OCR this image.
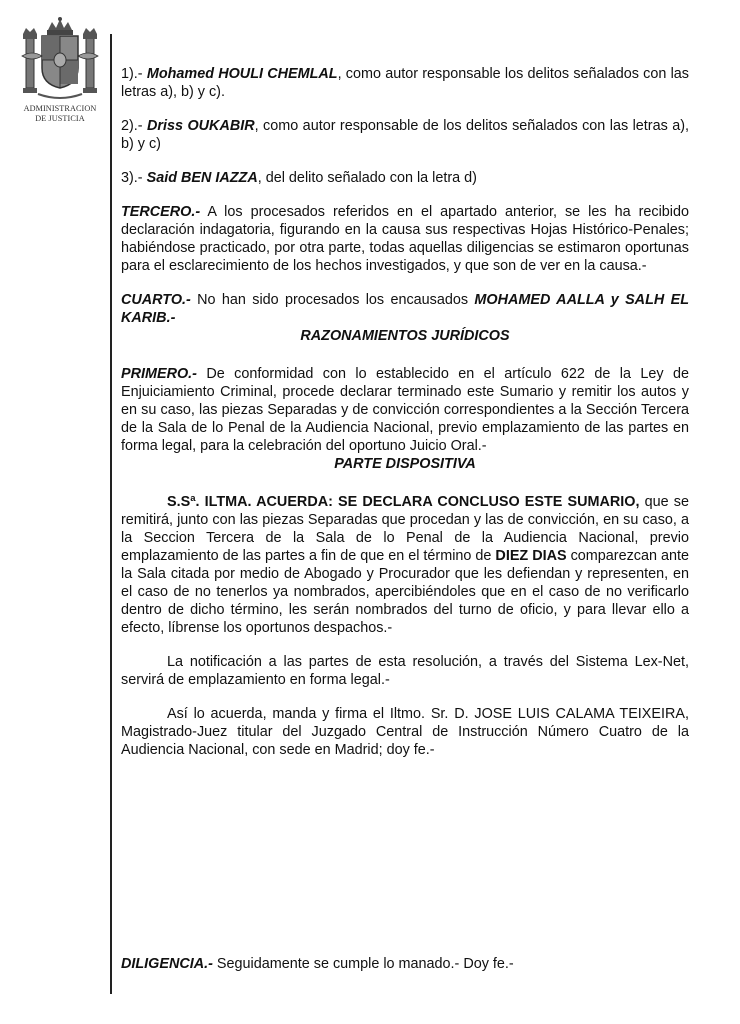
ADMINISTRACION
DE JUSTICIA

1).- Mohamed HOULI CHEMLAL, como autor responsable los delitos señalados con las letras a), b) y c).

2).- Driss OUKABIR, como autor responsable de los delitos señalados con las letras a), b) y c)

3).- Said BEN IAZZA, del delito señalado con la letra d)

TERCERO.- A los procesados referidos en el apartado anterior, se les ha recibido declaración indagatoria, figurando en la causa sus respectivas Hojas Histórico-Penales; habiéndose practicado, por otra parte, todas aquellas diligencias se estimaron oportunas para el esclarecimiento de los hechos investigados, y que son de ver en la causa.-

CUARTO.- No han sido procesados los encausados MOHAMED AALLA y SALH EL KARIB.-

RAZONAMIENTOS JURÍDICOS

PRIMERO.- De conformidad con lo establecido en el artículo 622 de la Ley de Enjuiciamiento Criminal, procede declarar terminado este Sumario y remitir los autos y en su caso, las piezas Separadas y de convicción correspondientes a la Sección Tercera de la Sala de lo Penal de la Audiencia Nacional, previo emplazamiento de las partes en forma legal, para la celebración del oportuno Juicio Oral.-

PARTE DISPOSITIVA

S.Sª. ILTMA. ACUERDA: SE DECLARA CONCLUSO ESTE SUMARIO, que se remitirá, junto con las piezas Separadas que procedan y las de convicción, en su caso, a la Seccion Tercera de la Sala de lo Penal de la Audiencia Nacional, previo emplazamiento de las partes a fin de que en el término de DIEZ DIAS comparezcan ante la Sala citada por medio de Abogado y Procurador que les defiendan y representen, en el caso de no tenerlos ya nombrados, apercibiéndoles que en el caso de no verificarlo dentro de dicho término, les serán nombrados del turno de oficio, y para llevar ello a efecto, líbrense los oportunos despachos.-

La notificación a las partes de esta resolución, a través del Sistema Lex-Net, servirá de emplazamiento en forma legal.-

Así lo acuerda, manda y firma el Iltmo. Sr. D. JOSE LUIS CALAMA TEIXEIRA, Magistrado-Juez titular del Juzgado Central de Instrucción Número Cuatro de la Audiencia Nacional, con sede en Madrid; doy fe.-

DILIGENCIA.- Seguidamente se cumple lo manado.- Doy fe.-
